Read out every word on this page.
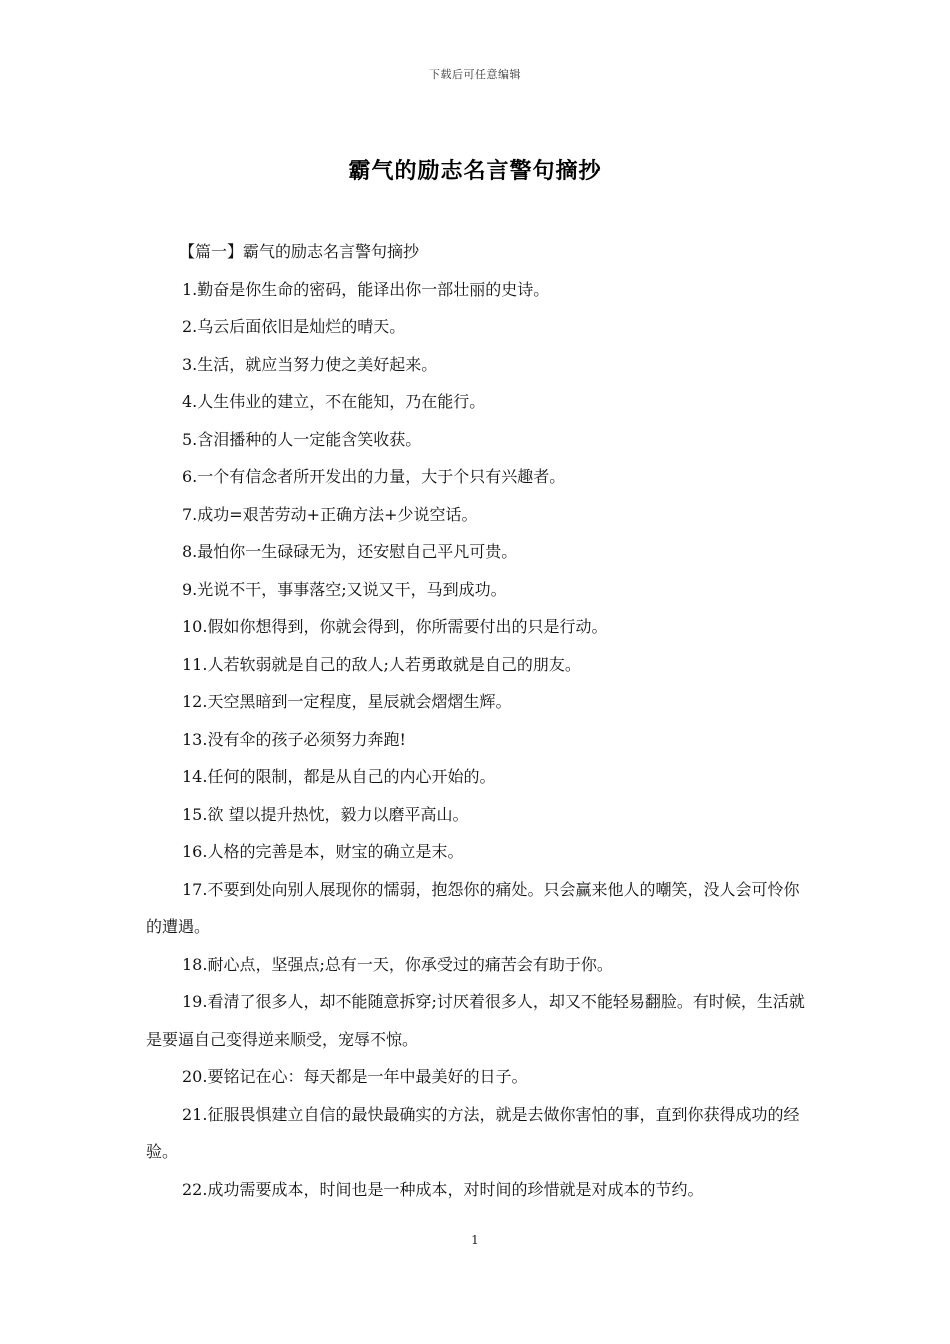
下载后可任意编辑
霸气的励志名言警句摘抄
【篇一】霸气的励志名言警句摘抄

1.勤奋是你生命的密码，能译出你一部壮丽的史诗。

2.乌云后面依旧是灿烂的晴天。

3.生活，就应当努力使之美好起来。

4.人生伟业的建立，不在能知，乃在能行。

5.含泪播种的人一定能含笑收获。

6.一个有信念者所开发出的力量，大于个只有兴趣者。

7.成功=艰苦劳动+正确方法+少说空话。

8.最怕你一生碌碌无为，还安慰自己平凡可贵。

9.光说不干，事事落空;又说又干，马到成功。

10.假如你想得到，你就会得到，你所需要付出的只是行动。

11.人若软弱就是自己的敌人;人若勇敢就是自己的朋友。

12.天空黑暗到一定程度，星辰就会熠熠生辉。

13.没有伞的孩子必须努力奔跑!

14.任何的限制，都是从自己的内心开始的。

15.欲 望以提升热忱，毅力以磨平高山。

16.人格的完善是本，财宝的确立是末。

17.不要到处向别人展现你的懦弱，抱怨你的痛处。只会赢来他人的嘲笑，没人会可怜你的遭遇。

18.耐心点，坚强点;总有一天，你承受过的痛苦会有助于你。

19.看清了很多人，却不能随意拆穿;讨厌着很多人，却又不能轻易翻脸。有时候，生活就是要逼自己变得逆来顺受，宠辱不惊。

20.要铭记在心：每天都是一年中最美好的日子。

21.征服畏惧建立自信的最快最确实的方法，就是去做你害怕的事，直到你获得成功的经验。

22.成功需要成本，时间也是一种成本，对时间的珍惜就是对成本的节约。

1
